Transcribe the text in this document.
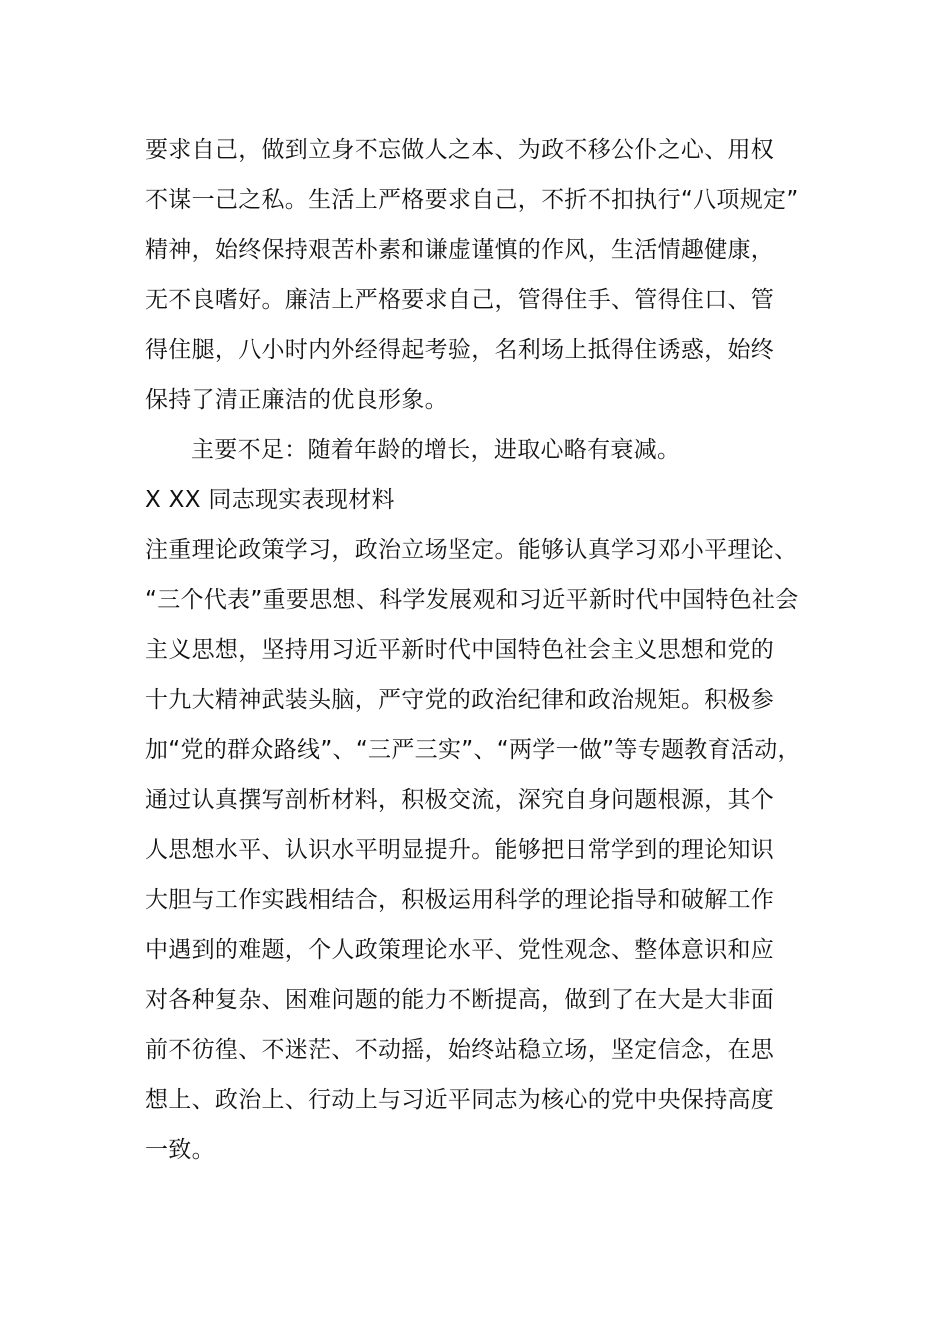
要求自己，做到立身不忘做人之本、为政不移公仆之心、用权
不谋一己之私。生活上严格要求自己，不折不扣执行“八项规定”
精神，始终保持艰苦朴素和谦虚谨慎的作风，生活情趣健康，
无不良嗜好。廉洁上严格要求自己，管得住手、管得住口、管
得住腿，八小时内外经得起考验，名利场上抵得住诱惑，始终
保持了清正廉洁的优良形象。
主要不足：随着年龄的增长，进取心略有衰减。
X XX 同志现实表现材料
注重理论政策学习，政治立场坚定。能够认真学习邓小平理论、
“三个代表”重要思想、科学发展观和习近平新时代中国特色社会
主义思想，坚持用习近平新时代中国特色社会主义思想和党的
十九大精神武装头脑，严守党的政治纪律和政治规矩。积极参
加“党的群众路线”、“三严三实”、“两学一做”等专题教育活动，
通过认真撰写剖析材料，积极交流，深究自身问题根源，其个
人思想水平、认识水平明显提升。能够把日常学到的理论知识
大胆与工作实践相结合，积极运用科学的理论指导和破解工作
中遇到的难题，个人政策理论水平、党性观念、整体意识和应
对各种复杂、困难问题的能力不断提高，做到了在大是大非面
前不彷徨、不迷茫、不动摇，始终站稳立场，坚定信念，在思
想上、政治上、行动上与习近平同志为核心的党中央保持高度
一致。
